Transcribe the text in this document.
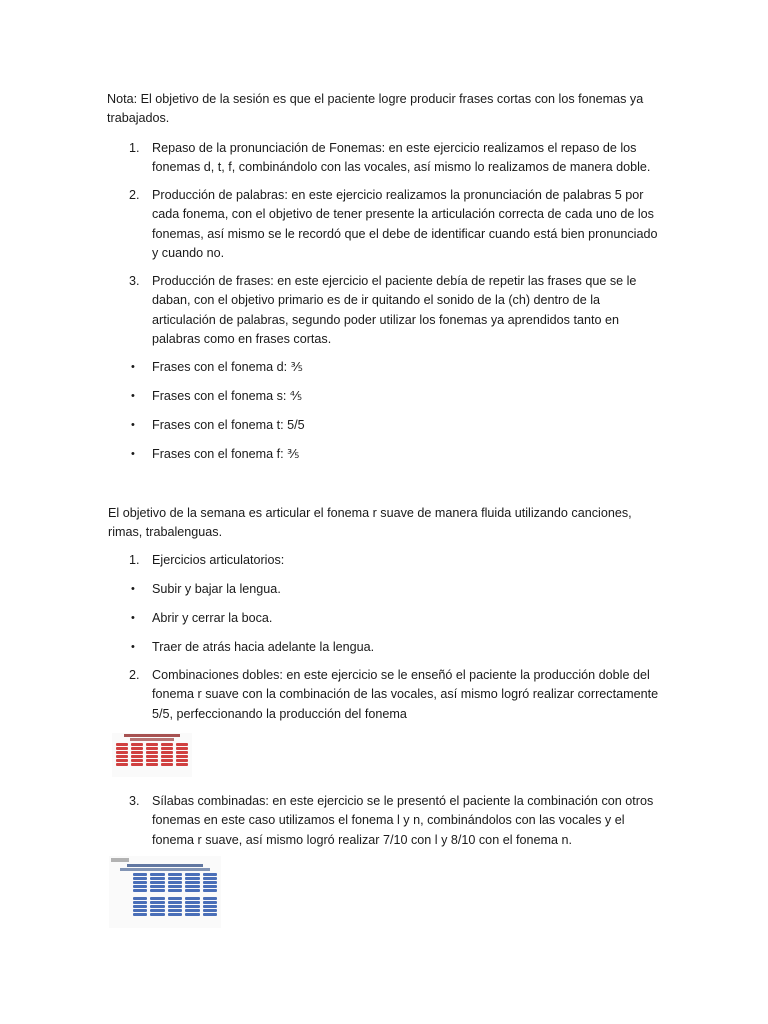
Nota: El objetivo de la sesión es que el paciente logre producir frases cortas con los fonemas ya trabajados.

1. Repaso de la pronunciación de Fonemas: en este ejercicio realizamos el repaso de los fonemas d, t, f, combinándolo con las vocales, así mismo lo realizamos de manera doble.
2. Producción de palabras: en este ejercicio realizamos la pronunciación de palabras 5 por cada fonema, con el objetivo de tener presente la articulación correcta de cada uno de los fonemas, así mismo se le recordó que el debe de identificar cuando está bien pronunciado y cuando no.
3. Producción de frases: en este ejercicio el paciente debía de repetir las frases que se le daban, con el objetivo primario es de ir quitando el sonido de la (ch) dentro de la articulación de palabras, segundo poder utilizar los fonemas ya aprendidos tanto en palabras como en frases cortas.
• Frases con el fonema d: ⅗
• Frases con el fonema s: ⅘
• Frases con el fonema t: 5/5
• Frases con el fonema f: ⅗

El objetivo de la semana es articular el fonema r suave de manera fluida utilizando canciones, rimas, trabalenguas.

1. Ejercicios articulatorios:
• Subir y bajar la lengua.
• Abrir y cerrar la boca.
• Traer de atrás hacia adelante la lengua.
2. Combinaciones dobles: en este ejercicio se le enseñó el paciente la producción doble del fonema r suave con la combinación de las vocales, así mismo logró realizar correctamente 5/5, perfeccionando la producción del fonema
3. Sílabas combinadas: en este ejercicio se le presentó el paciente la combinación con otros fonemas en este caso utilizamos el fonema l y n, combinándolos con las vocales y el fonema r suave, así mismo logró realizar 7/10 con l y 8/10 con el fonema n.
